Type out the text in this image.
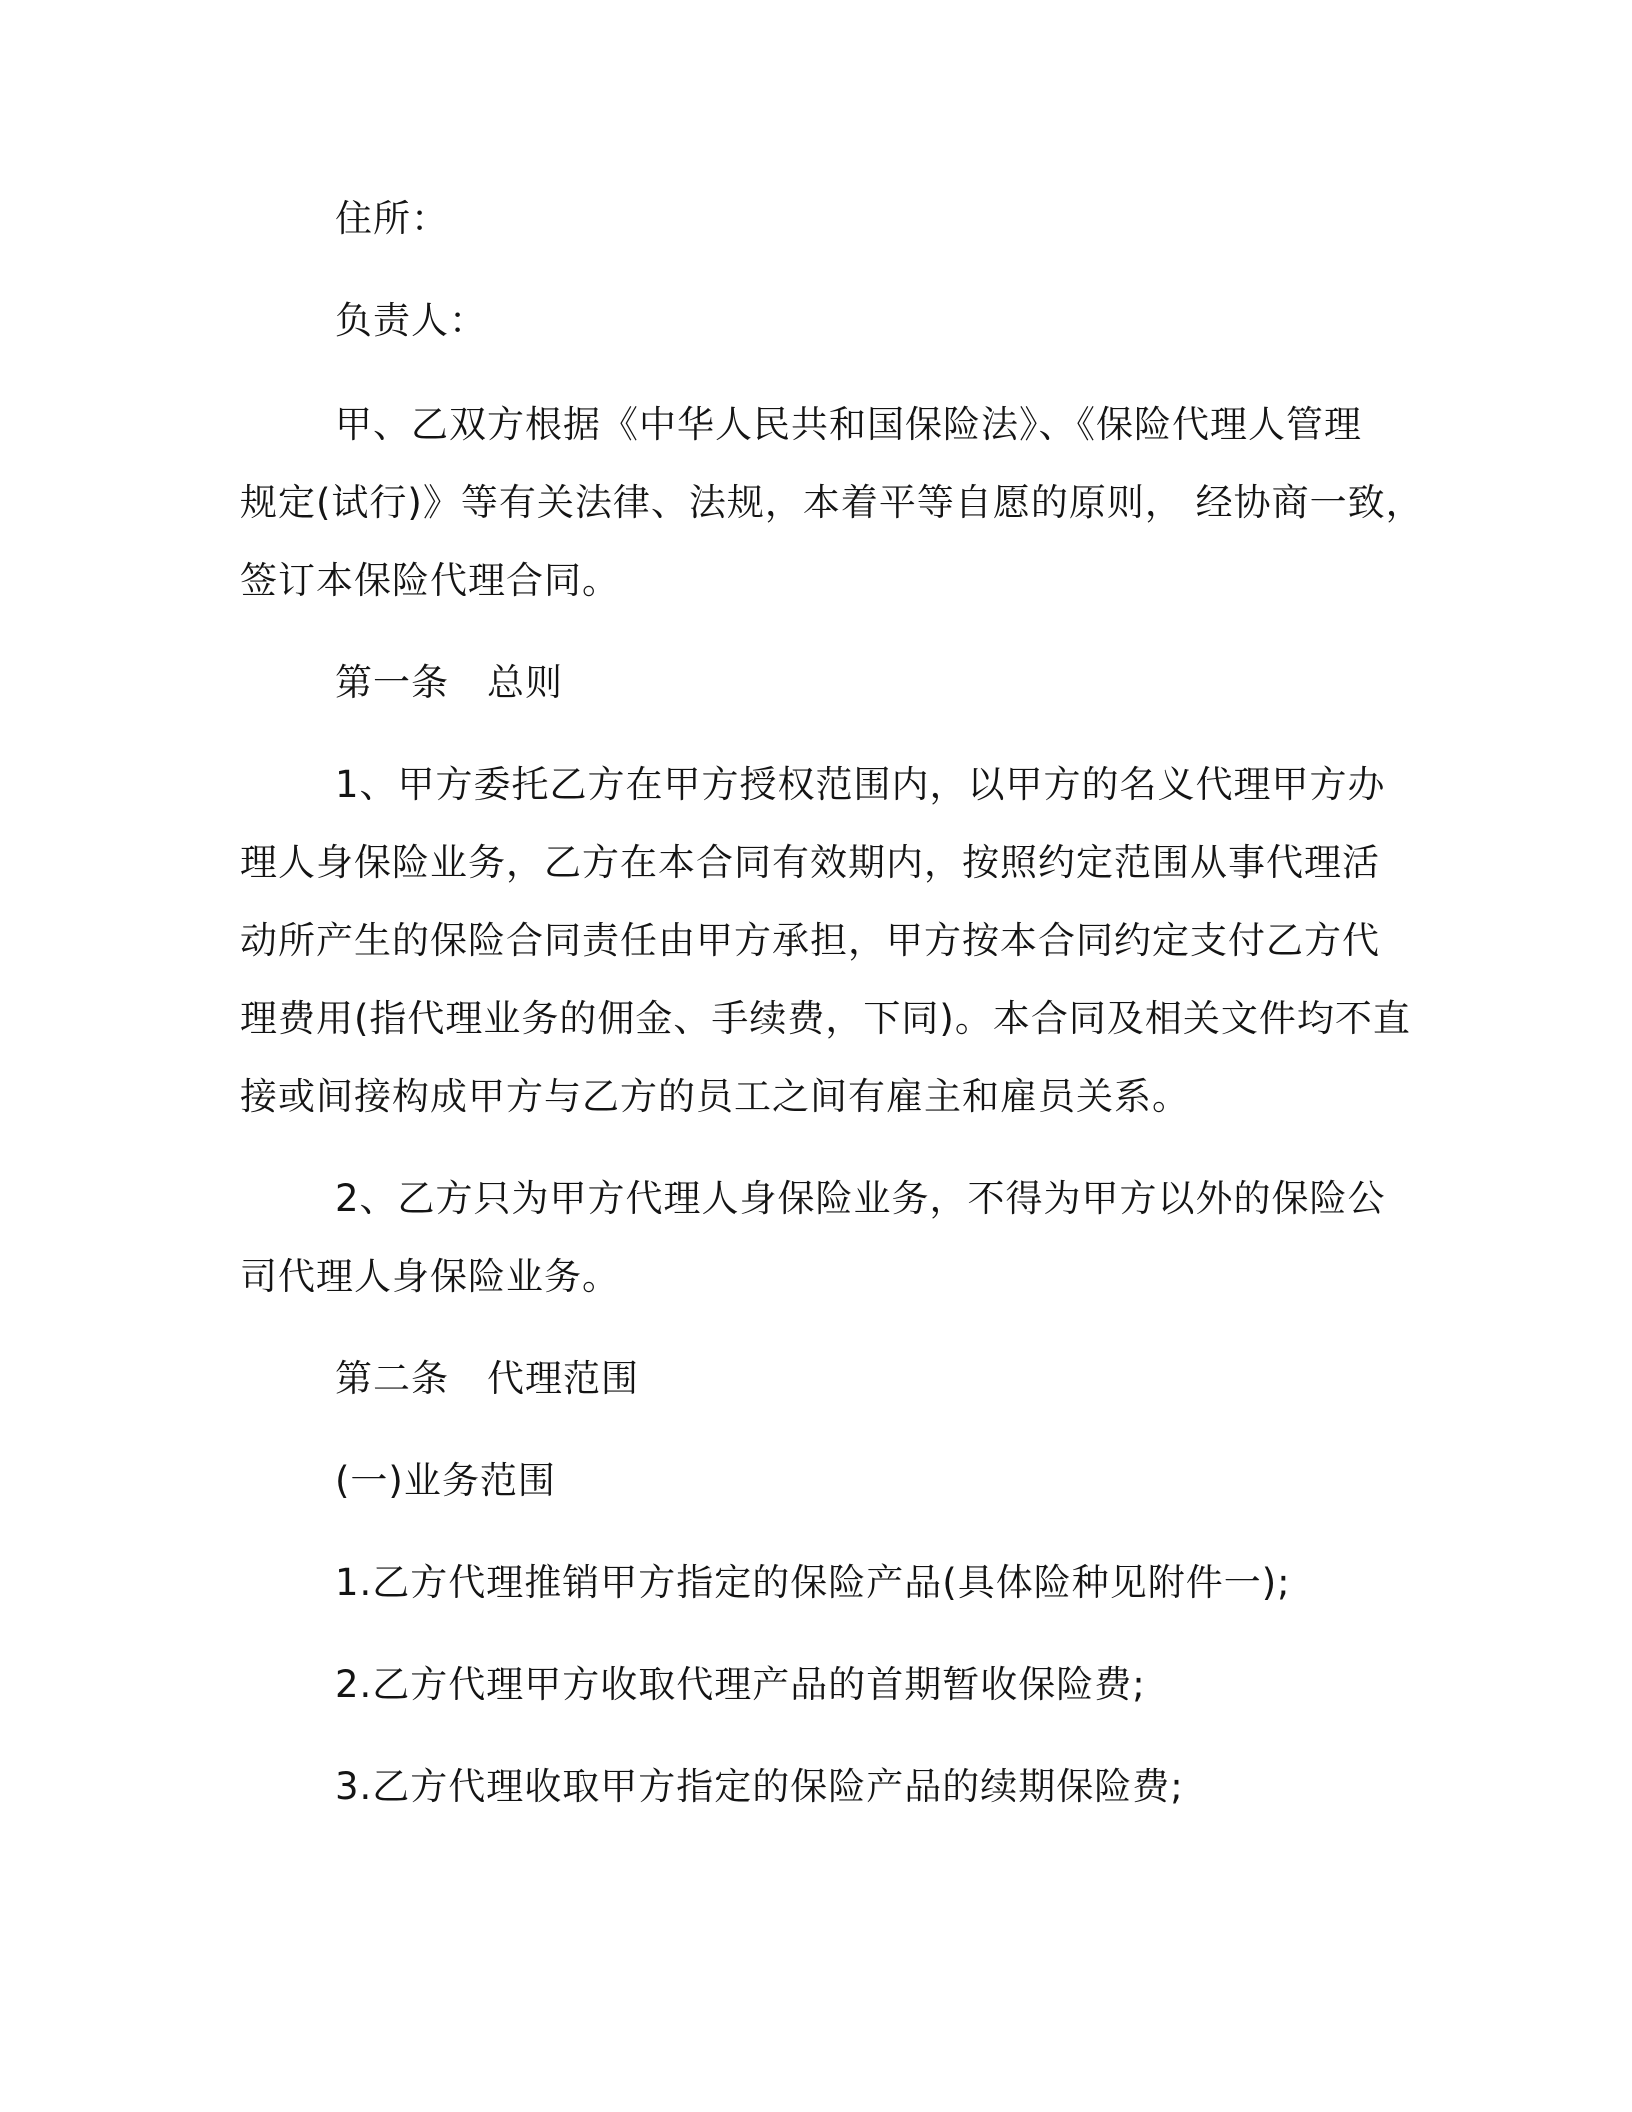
住所：

负责人：

甲、乙双方根据《中华人民共和国保险法》、《保险代理人管理

规定(试行)》等有关法律、法规，本着平等自愿的原则， 经协商一致，

签订本保险代理合同。

第一条 总则

1、甲方委托乙方在甲方授权范围内，以甲方的名义代理甲方办

理人身保险业务，乙方在本合同有效期内，按照约定范围从事代理活

动所产生的保险合同责任由甲方承担，甲方按本合同约定支付乙方代

理费用(指代理业务的佣金、手续费，下同)。本合同及相关文件均不直

接或间接构成甲方与乙方的员工之间有雇主和雇员关系。

2、乙方只为甲方代理人身保险业务，不得为甲方以外的保险公

司代理人身保险业务。

第二条 代理范围

(一)业务范围

1.乙方代理推销甲方指定的保险产品(具体险种见附件一);

2.乙方代理甲方收取代理产品的首期暂收保险费;

3.乙方代理收取甲方指定的保险产品的续期保险费;
